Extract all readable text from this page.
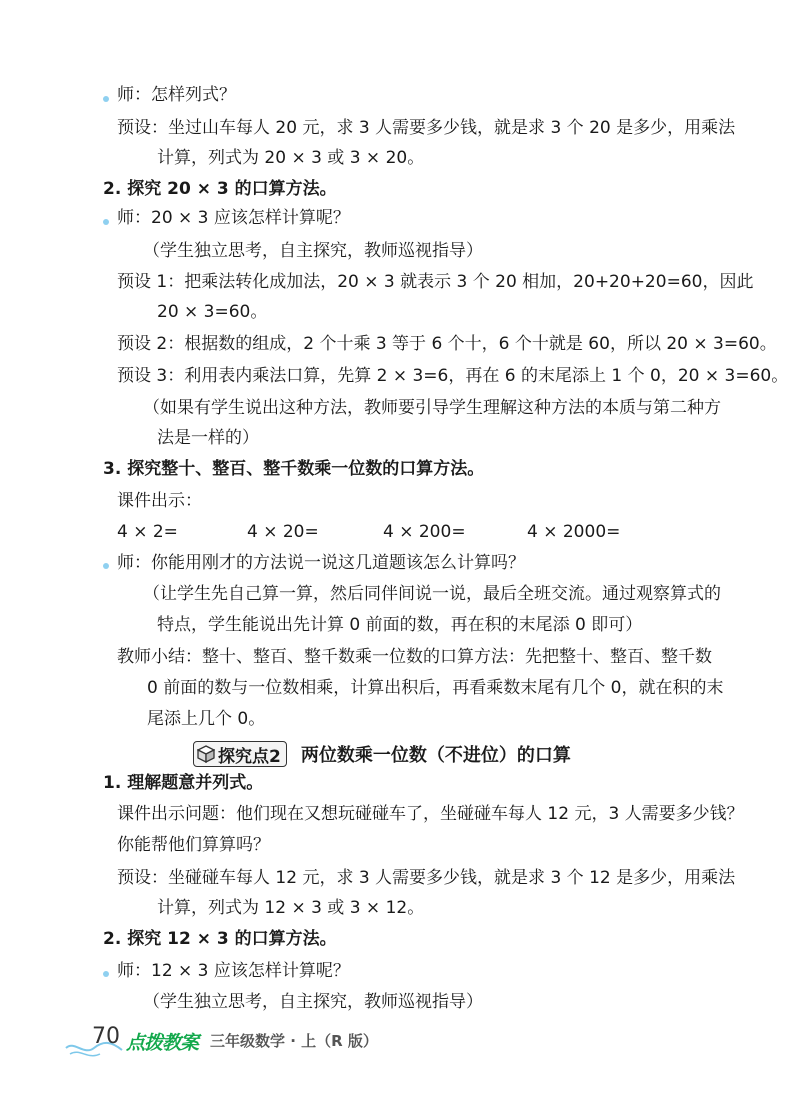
师：怎样列式？
预设：坐过山车每人 20 元，求 3 人需要多少钱，就是求 3 个 20 是多少，用乘法
计算，列式为 20 × 3 或 3 × 20。
2. 探究 20 × 3 的口算方法。
师：20 × 3 应该怎样计算呢？
（学生独立思考，自主探究，教师巡视指导）
预设 1：把乘法转化成加法，20 × 3 就表示 3 个 20 相加，20+20+20=60，因此
20 × 3=60。
预设 2：根据数的组成，2 个十乘 3 等于 6 个十，6 个十就是 60，所以 20 × 3=60。
预设 3：利用表内乘法口算，先算 2 × 3=6，再在 6 的末尾添上 1 个 0，20 × 3=60。
（如果有学生说出这种方法，教师要引导学生理解这种方法的本质与第二种方
法是一样的）
3. 探究整十、整百、整千数乘一位数的口算方法。
课件出示：
4 × 2=	4 × 20=	4 × 200=	4 × 2000=
师：你能用刚才的方法说一说这几道题该怎么计算吗？
（让学生先自己算一算，然后同伴间说一说，最后全班交流。通过观察算式的
特点，学生能说出先计算 0 前面的数，再在积的末尾添 0 即可）
教师小结：整十、整百、整千数乘一位数的口算方法：先把整十、整百、整千数
0 前面的数与一位数相乘，计算出积后，再看乘数末尾有几个 0，就在积的末
尾添上几个 0。
探究点2 两位数乘一位数（不进位）的口算
1. 理解题意并列式。
课件出示问题：他们现在又想玩碰碰车了，坐碰碰车每人 12 元，3 人需要多少钱？
你能帮他们算算吗？
预设：坐碰碰车每人 12 元，求 3 人需要多少钱，就是求 3 个 12 是多少，用乘法
计算，列式为 12 × 3 或 3 × 12。
2. 探究 12 × 3 的口算方法。
师：12 × 3 应该怎样计算呢？
（学生独立思考，自主探究，教师巡视指导）
70 点拨教案 三年级数学 · 上（R 版）
